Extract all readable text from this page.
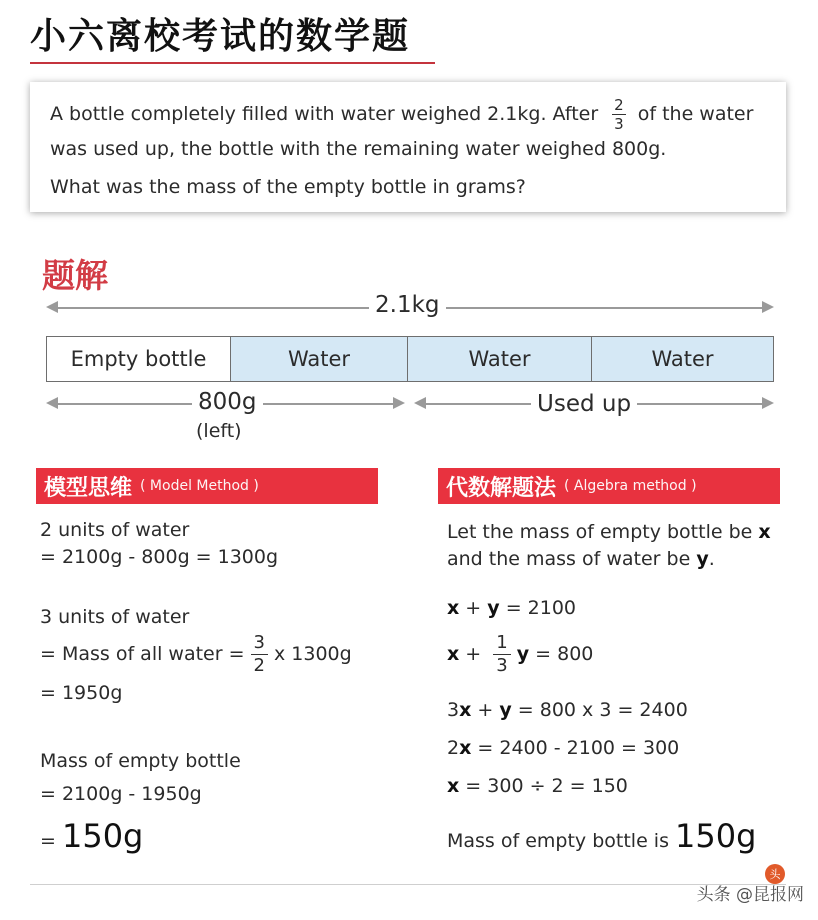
小六离校考试的数学题
A bottle completely filled with water weighed 2.1kg. After $\frac{2}{3}$ of the water
was used up, the bottle with the remaining water weighed 800g.
What was the mass of the empty bottle in grams?
题解
2.1kg
Empty bottle	Water	Water	Water
800g
(left)
Used up
模型思维 ( Model Method )
2 units of water
= 2100g - 800g = 1300g
3 units of water
= Mass of all water = $\frac{3}{2}$ x 1300g
= 1950g
Mass of empty bottle
= 2100g - 1950g
= 150g
代数解题法 ( Algebra method )
Let the mass of empty bottle be x
and the mass of water be y.
x + y = 2100
$x + \frac{1}{3}$ y = 800
3x + y = 800 x 3 = 2400
2x = 2400 - 2100 = 300
x = 300 ÷ 2 = 150
Mass of empty bottle is 150g
头
头条 @昆报网
